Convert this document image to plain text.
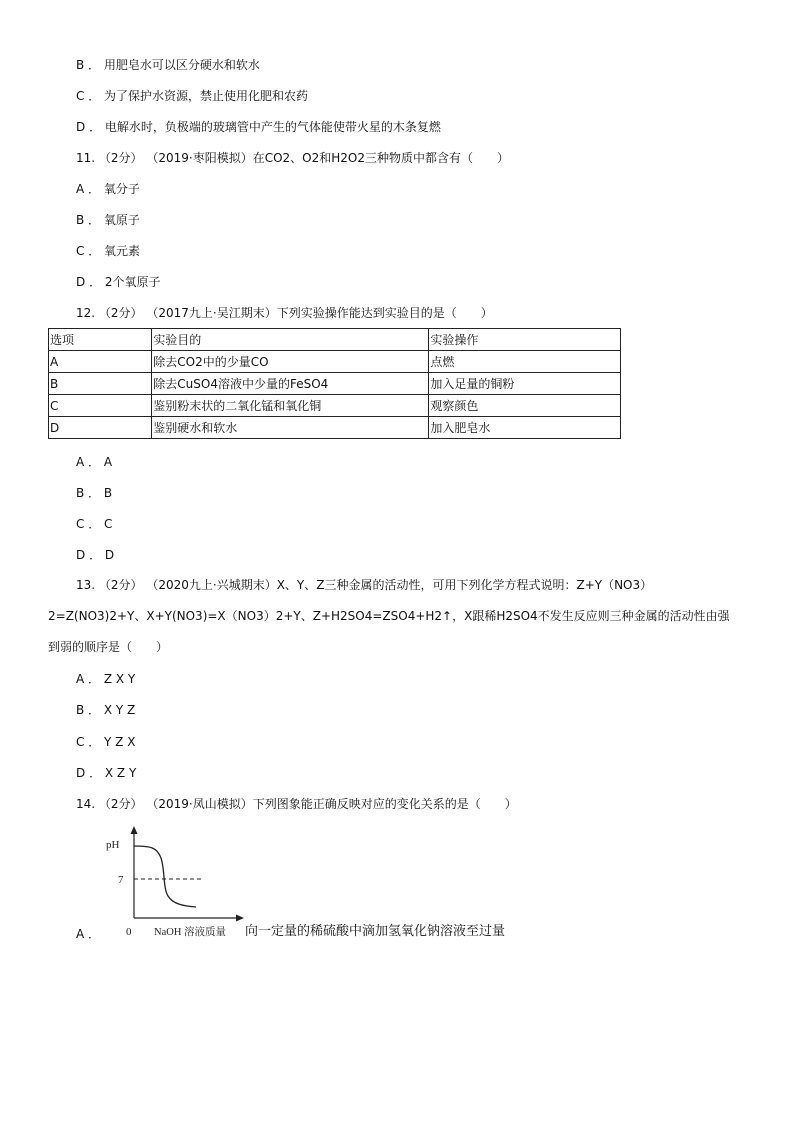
B ． 用肥皂水可以区分硬水和软水
C ． 为了保护水资源，禁止使用化肥和农药
D ． 电解水时，负极端的玻璃管中产生的气体能使带火星的木条复燃
11. （2分） （2019·枣阳模拟）在CO2、O2和H2O2三种物质中都含有（　　）
A ． 氧分子
B ． 氧原子
C ． 氧元素
D ． 2个氧原子
12. （2分） （2017九上·吴江期末）下列实验操作能达到实验目的是（　　）
选项	实验目的	实验操作
A	除去CO2中的少量CO	点燃
B	除去CuSO4溶液中少量的FeSO4	加入足量的铜粉
C	鉴别粉末状的二氧化锰和氧化铜	观察颜色
D	鉴别硬水和软水	加入肥皂水
A ． A
B ． B
C ． C
D ． D
13. （2分） （2020九上·兴城期末）X、Y、Z三种金属的活动性，可用下列化学方程式说明：Z+Y（NO3）2=Z(NO3)2+Y、X+Y(NO3)=X（NO3）2+Y、Z+H2SO4=ZSO4+H2↑，X跟稀H2SO4不发生反应则三种金属的活动性由强到弱的顺序是（　　）
A ． Z X Y
B ． X Y Z
C ． Y Z X
D ． X Z Y
14. （2分） （2019·凤山模拟）下列图象能正确反映对应的变化关系的是（　　）
pH
7
0 NaOH 溶液质量
A ．	向一定量的稀硫酸中滴加氢氧化钠溶液至过量
